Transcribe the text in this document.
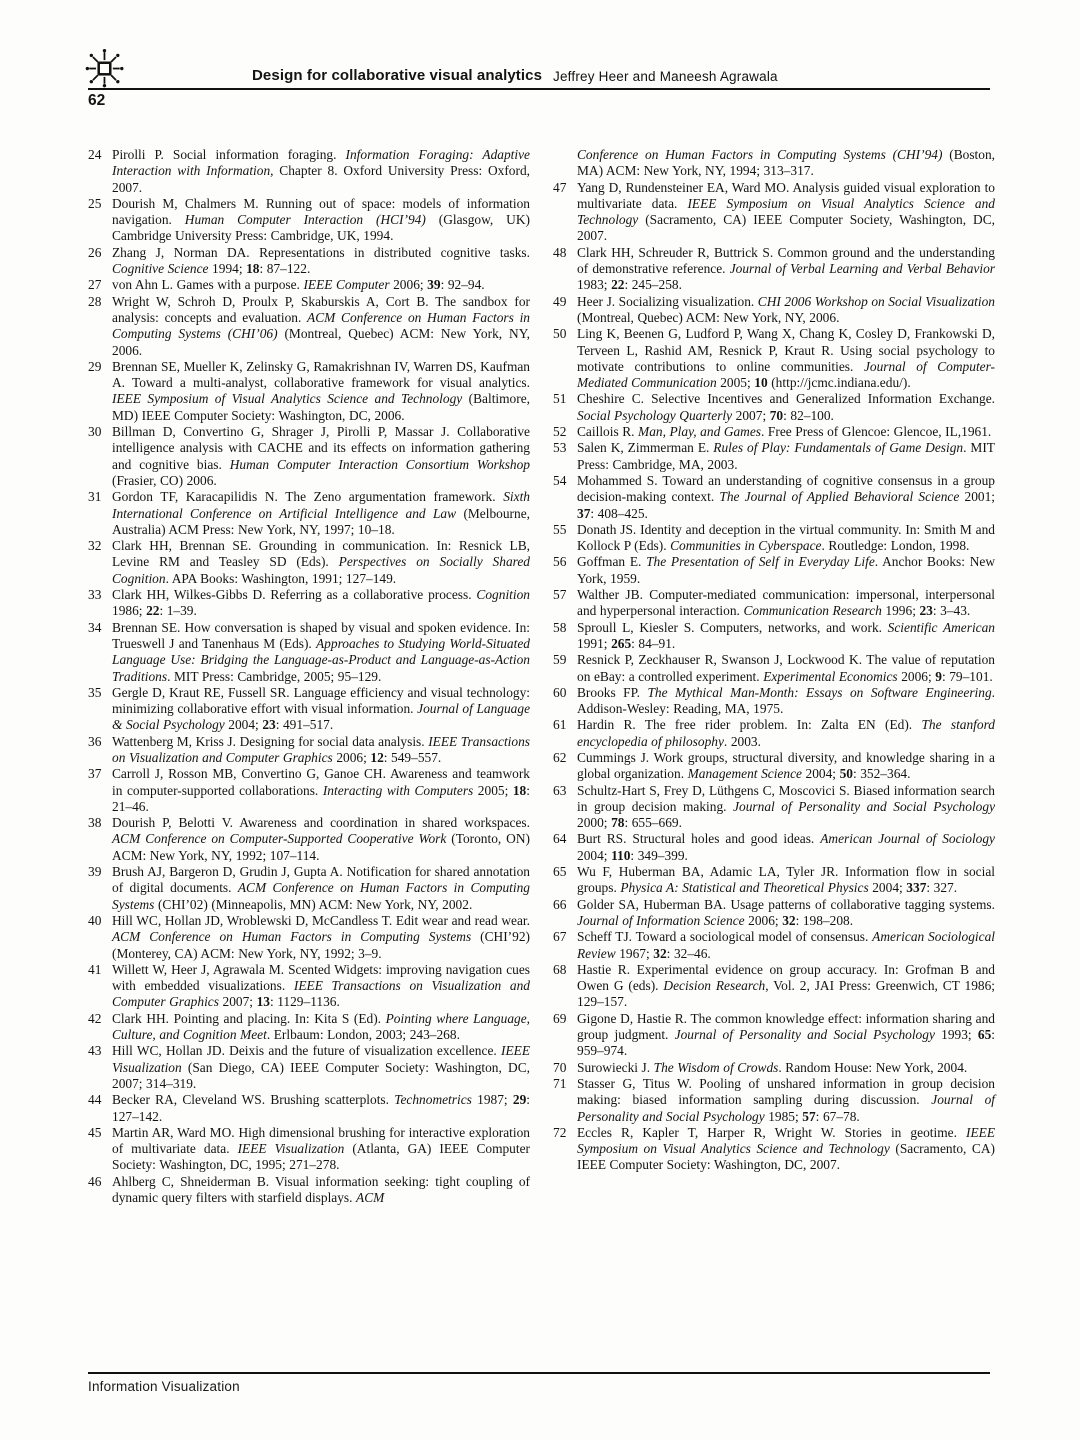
Design for collaborative visual analytics Jeffrey Heer and Maneesh Agrawala
62
24 Pirolli P. Social information foraging. Information Foraging: Adaptive Interaction with Information, Chapter 8. Oxford University Press: Oxford, 2007.
25 Dourish M, Chalmers M. Running out of space: models of information navigation. Human Computer Interaction (HCI’94) (Glasgow, UK) Cambridge University Press: Cambridge, UK, 1994.
26 Zhang J, Norman DA. Representations in distributed cognitive tasks. Cognitive Science 1994; 18: 87–122.
27 von Ahn L. Games with a purpose. IEEE Computer 2006; 39: 92–94.
28 Wright W, Schroh D, Proulx P, Skaburskis A, Cort B. The sandbox for analysis: concepts and evaluation. ACM Conference on Human Factors in Computing Systems (CHI’06) (Montreal, Quebec) ACM: New York, NY, 2006.
29 Brennan SE, Mueller K, Zelinsky G, Ramakrishnan IV, Warren DS, Kaufman A. Toward a multi-analyst, collaborative framework for visual analytics. IEEE Symposium of Visual Analytics Science and Technology (Baltimore, MD) IEEE Computer Society: Washington, DC, 2006.
30 Billman D, Convertino G, Shrager J, Pirolli P, Massar J. Collaborative intelligence analysis with CACHE and its effects on information gathering and cognitive bias. Human Computer Interaction Consortium Workshop (Frasier, CO) 2006.
31 Gordon TF, Karacapilidis N. The Zeno argumentation framework. Sixth International Conference on Artificial Intelligence and Law (Melbourne, Australia) ACM Press: New York, NY, 1997; 10–18.
32 Clark HH, Brennan SE. Grounding in communication. In: Resnick LB, Levine RM and Teasley SD (Eds). Perspectives on Socially Shared Cognition. APA Books: Washington, 1991; 127–149.
33 Clark HH, Wilkes-Gibbs D. Referring as a collaborative process. Cognition 1986; 22: 1–39.
34 Brennan SE. How conversation is shaped by visual and spoken evidence. In: Trueswell J and Tanenhaus M (Eds). Approaches to Studying World-Situated Language Use: Bridging the Language-as-Product and Language-as-Action Traditions. MIT Press: Cambridge, 2005; 95–129.
35 Gergle D, Kraut RE, Fussell SR. Language efficiency and visual technology: minimizing collaborative effort with visual information. Journal of Language & Social Psychology 2004; 23: 491–517.
36 Wattenberg M, Kriss J. Designing for social data analysis. IEEE Transactions on Visualization and Computer Graphics 2006; 12: 549–557.
37 Carroll J, Rosson MB, Convertino G, Ganoe CH. Awareness and teamwork in computer-supported collaborations. Interacting with Computers 2005; 18: 21–46.
38 Dourish P, Belotti V. Awareness and coordination in shared workspaces. ACM Conference on Computer-Supported Cooperative Work (Toronto, ON) ACM: New York, NY, 1992; 107–114.
39 Brush AJ, Bargeron D, Grudin J, Gupta A. Notification for shared annotation of digital documents. ACM Conference on Human Factors in Computing Systems (CHI’02) (Minneapolis, MN) ACM: New York, NY, 2002.
40 Hill WC, Hollan JD, Wroblewski D, McCandless T. Edit wear and read wear. ACM Conference on Human Factors in Computing Systems (CHI’92) (Monterey, CA) ACM: New York, NY, 1992; 3–9.
41 Willett W, Heer J, Agrawala M. Scented Widgets: improving navigation cues with embedded visualizations. IEEE Transactions on Visualization and Computer Graphics 2007; 13: 1129–1136.
42 Clark HH. Pointing and placing. In: Kita S (Ed). Pointing where Language, Culture, and Cognition Meet. Erlbaum: London, 2003; 243–268.
43 Hill WC, Hollan JD. Deixis and the future of visualization excellence. IEEE Visualization (San Diego, CA) IEEE Computer Society: Washington, DC, 2007; 314–319.
44 Becker RA, Cleveland WS. Brushing scatterplots. Technometrics 1987; 29: 127–142.
45 Martin AR, Ward MO. High dimensional brushing for interactive exploration of multivariate data. IEEE Visualization (Atlanta, GA) IEEE Computer Society: Washington, DC, 1995; 271–278.
46 Ahlberg C, Shneiderman B. Visual information seeking: tight coupling of dynamic query filters with starfield displays. ACM
Conference on Human Factors in Computing Systems (CHI’94) (Boston, MA) ACM: New York, NY, 1994; 313–317.
47 Yang D, Rundensteiner EA, Ward MO. Analysis guided visual exploration to multivariate data. IEEE Symposium on Visual Analytics Science and Technology (Sacramento, CA) IEEE Computer Society, Washington, DC, 2007.
48 Clark HH, Schreuder R, Buttrick S. Common ground and the understanding of demonstrative reference. Journal of Verbal Learning and Verbal Behavior 1983; 22: 245–258.
49 Heer J. Socializing visualization. CHI 2006 Workshop on Social Visualization (Montreal, Quebec) ACM: New York, NY, 2006.
50 Ling K, Beenen G, Ludford P, Wang X, Chang K, Cosley D, Frankowski D, Terveen L, Rashid AM, Resnick P, Kraut R. Using social psychology to motivate contributions to online communities. Journal of Computer-Mediated Communication 2005; 10 (http://jcmc.indiana.edu/).
51 Cheshire C. Selective Incentives and Generalized Information Exchange. Social Psychology Quarterly 2007; 70: 82–100.
52 Caillois R. Man, Play, and Games. Free Press of Glencoe: Glencoe, IL,1961.
53 Salen K, Zimmerman E. Rules of Play: Fundamentals of Game Design. MIT Press: Cambridge, MA, 2003.
54 Mohammed S. Toward an understanding of cognitive consensus in a group decision-making context. The Journal of Applied Behavioral Science 2001; 37: 408–425.
55 Donath JS. Identity and deception in the virtual community. In: Smith M and Kollock P (Eds). Communities in Cyberspace. Routledge: London, 1998.
56 Goffman E. The Presentation of Self in Everyday Life. Anchor Books: New York, 1959.
57 Walther JB. Computer-mediated communication: impersonal, interpersonal and hyperpersonal interaction. Communication Research 1996; 23: 3–43.
58 Sproull L, Kiesler S. Computers, networks, and work. Scientific American 1991; 265: 84–91.
59 Resnick P, Zeckhauser R, Swanson J, Lockwood K. The value of reputation on eBay: a controlled experiment. Experimental Economics 2006; 9: 79–101.
60 Brooks FP. The Mythical Man-Month: Essays on Software Engineering. Addison-Wesley: Reading, MA, 1975.
61 Hardin R. The free rider problem. In: Zalta EN (Ed). The stanford encyclopedia of philosophy. 2003.
62 Cummings J. Work groups, structural diversity, and knowledge sharing in a global organization. Management Science 2004; 50: 352–364.
63 Schultz-Hart S, Frey D, Lüthgens C, Moscovici S. Biased information search in group decision making. Journal of Personality and Social Psychology 2000; 78: 655–669.
64 Burt RS. Structural holes and good ideas. American Journal of Sociology 2004; 110: 349–399.
65 Wu F, Huberman BA, Adamic LA, Tyler JR. Information flow in social groups. Physica A: Statistical and Theoretical Physics 2004; 337: 327.
66 Golder SA, Huberman BA. Usage patterns of collaborative tagging systems. Journal of Information Science 2006; 32: 198–208.
67 Scheff TJ. Toward a sociological model of consensus. American Sociological Review 1967; 32: 32–46.
68 Hastie R. Experimental evidence on group accuracy. In: Grofman B and Owen G (eds). Decision Research, Vol. 2, JAI Press: Greenwich, CT 1986; 129–157.
69 Gigone D, Hastie R. The common knowledge effect: information sharing and group judgment. Journal of Personality and Social Psychology 1993; 65: 959–974.
70 Surowiecki J. The Wisdom of Crowds. Random House: New York, 2004.
71 Stasser G, Titus W. Pooling of unshared information in group decision making: biased information sampling during discussion. Journal of Personality and Social Psychology 1985; 57: 67–78.
72 Eccles R, Kapler T, Harper R, Wright W. Stories in geotime. IEEE Symposium on Visual Analytics Science and Technology (Sacramento, CA) IEEE Computer Society: Washington, DC, 2007.
Information Visualization
